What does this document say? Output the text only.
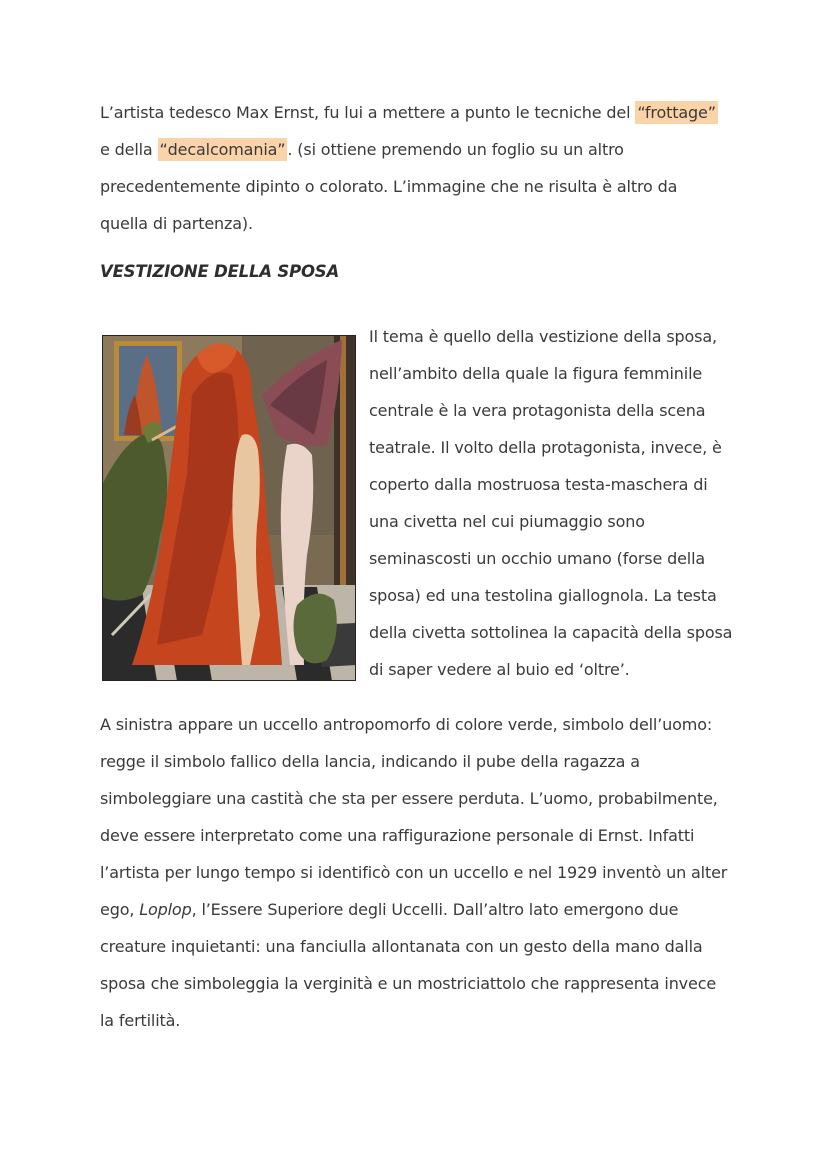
L’artista tedesco Max Ernst, fu lui a mettere a punto le tecniche del “frottage” e della “decalcomania” . (si ottiene premendo un foglio su un altro precedentemente dipinto o colorato. L’immagine che ne risulta è altro da quella di partenza).

VESTIZIONE DELLA SPOSA

Il tema è quello della vestizione della sposa, nell’ambito della quale la figura femminile centrale è la vera protagonista della scena teatrale. Il volto della protagonista, invece, è coperto dalla mostruosa testa-maschera di una civetta nel cui piumaggio sono seminascosti un occhio umano (forse della sposa) ed una testolina giallognola. La testa della civetta sottolinea la capacità della sposa di saper vedere al buio ed ‘oltre’.

A sinistra appare un uccello antropomorfo di colore verde, simbolo dell’uomo: regge il simbolo fallico della lancia, indicando il pube della ragazza a simboleggiare una castità che sta per essere perduta. L’uomo, probabilmente, deve essere interpretato come una raffigurazione personale di Ernst. Infatti l’artista per lungo tempo si identificò con un uccello e nel 1929 inventò un alter ego, Loplop, l’Essere Superiore degli Uccelli. Dall’altro lato emergono due creature inquietanti: una fanciulla allontanata con un gesto della mano dalla sposa che simboleggia la verginità e un mostriciattolo che rappresenta invece la fertilità.
